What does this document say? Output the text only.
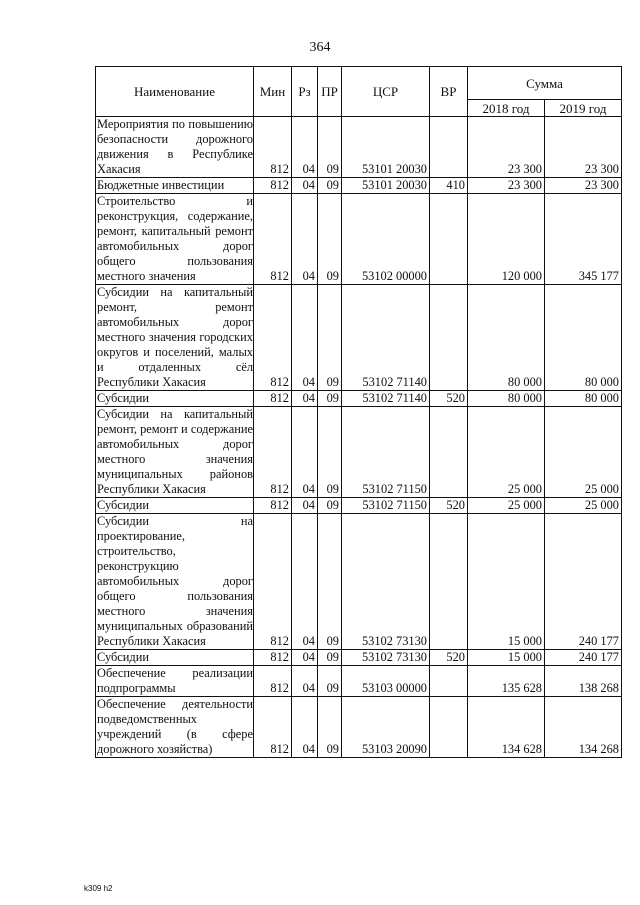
364
Наименование	Мин	Рз	ПР	ЦСР	ВР	Сумма	
						2018 год	2019 год
Мероприятия по повышению безопасности дорожного движения в Республике Хакасия	812	04	09	53101 20030		23 300	23 300
Бюджетные инвестиции	812	04	09	53101 20030	410	23 300	23 300
Строительство и реконструкция, содержание, ремонт, капитальный ремонт автомобильных дорог общего пользования местного значения	812	04	09	53102 00000		120 000	345 177
Субсидии на капитальный ремонт, ремонт автомобильных дорог местного значения городских округов и поселений, малых и отдаленных сёл Республики Хакасия	812	04	09	53102 71140		80 000	80 000
Субсидии	812	04	09	53102 71140	520	80 000	80 000
Субсидии на капитальный ремонт, ремонт и содержание автомобильных дорог местного значения муниципальных районов Республики Хакасия	812	04	09	53102 71150		25 000	25 000
Субсидии	812	04	09	53102 71150	520	25 000	25 000
Субсидии на проектирование, строительство, реконструкцию автомобильных дорог общего пользования местного значения муниципальных образований Республики Хакасия	812	04	09	53102 73130		15 000	240 177
Субсидии	812	04	09	53102 73130	520	15 000	240 177
Обеспечение реализации подпрограммы	812	04	09	53103 00000		135 628	138 268
Обеспечение деятельности подведомственных учреждений (в сфере дорожного хозяйства)	812	04	09	53103 20090		134 628	134 268
k309 h2
